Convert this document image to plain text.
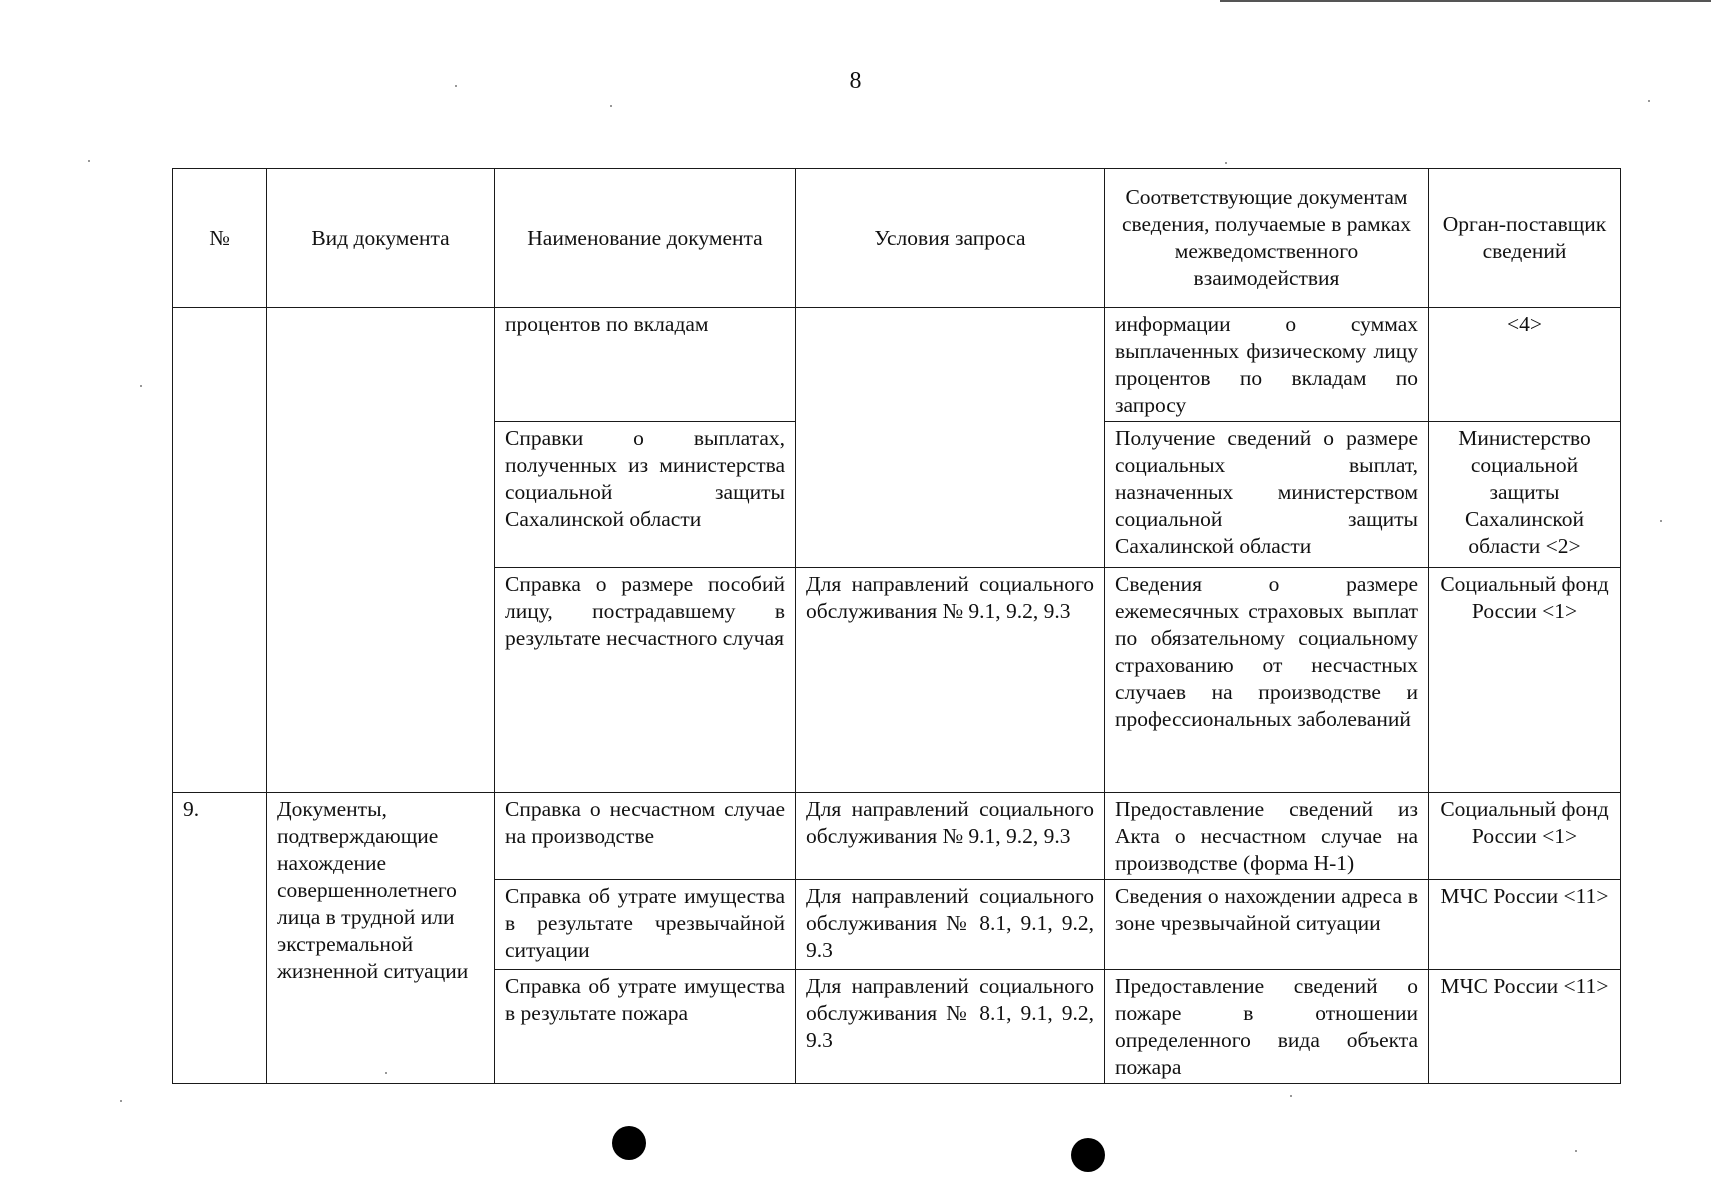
8
№	Вид документа	Наименование документа	Условия запроса	Соответствующие документам сведения, получаемые в рамках межведомственного взаимодействия	Орган-поставщик сведений
		процентов по вкладам		информации о суммах выплаченных физическому лицу процентов по вкладам по запросу	<4>
		Справки о выплатах, полученных из министерства социальной защиты Сахалинской области		Получение сведений о размере социальных выплат, назначенных министерством социальной защиты Сахалинской области	Министерство социальной защиты Сахалинской области <2>
		Справка о размере пособий лицу, пострадавшему в результате несчастного случая	Для направлений социального обслуживания № 9.1, 9.2, 9.3	Сведения о размере ежемесячных страховых выплат по обязательному социальному страхованию от несчастных случаев на производстве и профессиональных заболеваний	Социальный фонд России <1>
9.	Документы, подтверждающие нахождение совершеннолетнего лица в трудной или экстремальной жизненной ситуации	Справка о несчастном случае на производстве	Для направлений социального обслуживания № 9.1, 9.2, 9.3	Предоставление сведений из Акта о несчастном случае на производстве (форма Н-1)	Социальный фонд России <1>
		Справка об утрате имущества в результате чрезвычайной ситуации	Для направлений социального обслуживания № 8.1, 9.1, 9.2, 9.3	Сведения о нахождении адреса в зоне чрезвычайной ситуации	МЧС России <11>
		Справка об утрате имущества в результате пожара	Для направлений социального обслуживания № 8.1, 9.1, 9.2, 9.3	Предоставление сведений о пожаре в отношении определенного вида объекта пожара	МЧС России <11>
